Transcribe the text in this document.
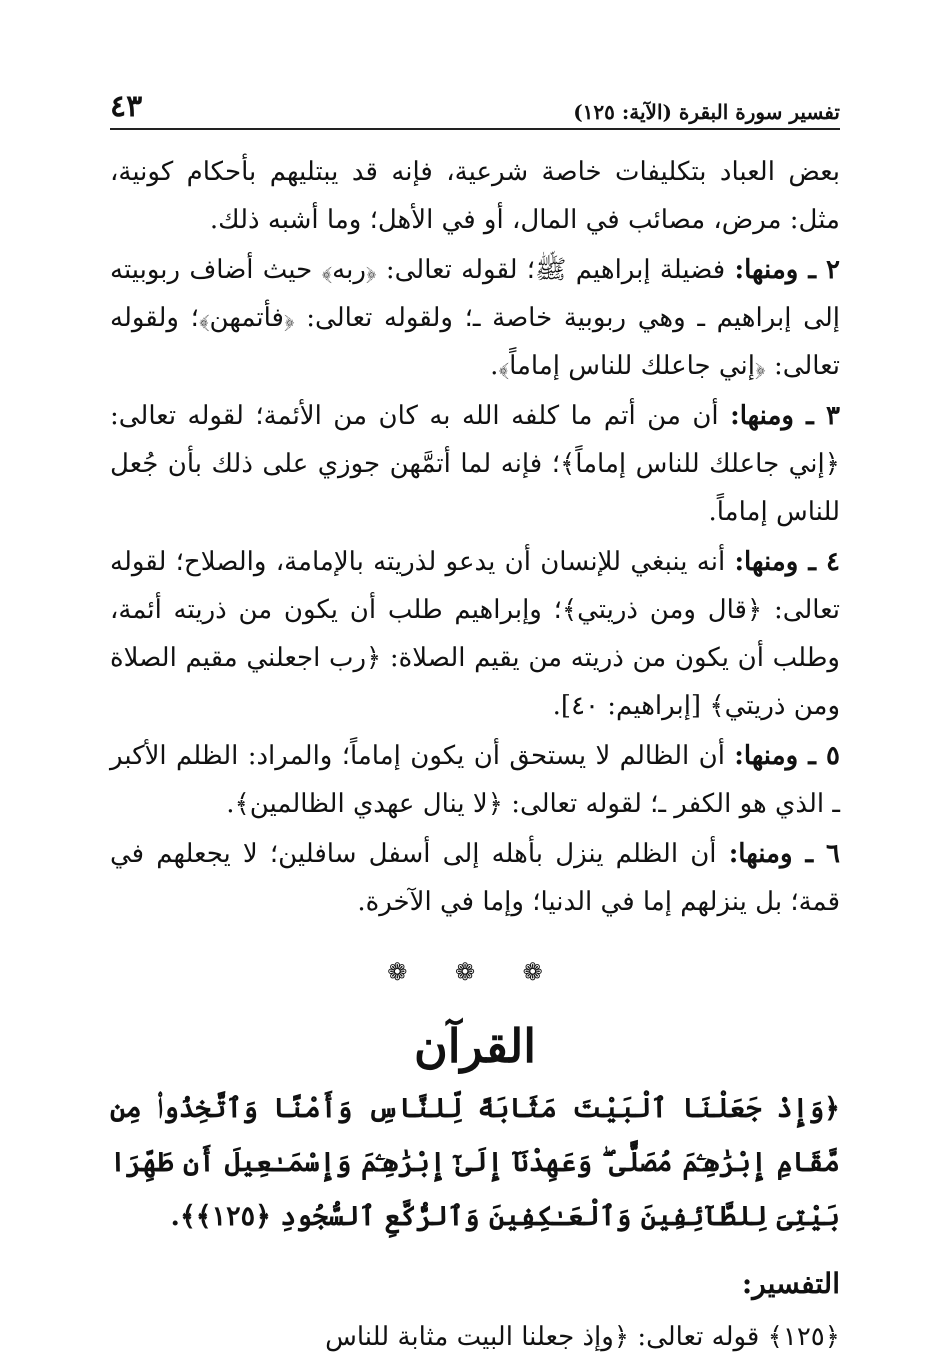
تفسير سورة البقرة (الآية: ١٢٥)
٤٣

بعض العباد بتكليفات خاصة شرعية، فإنه قد يبتليهم بأحكام كونية، مثل: مرض، مصائب في المال، أو في الأهل؛ وما أشبه ذلك.

٢ ـ ومنها: فضيلة إبراهيم ﷺ؛ لقوله تعالى: ﴿ربه﴾ حيث أضاف ربوبيته إلى إبراهيم ـ وهي ربوبية خاصة ـ؛ ولقوله تعالى: ﴿فأتمهن﴾؛ ولقوله تعالى: ﴿إني جاعلك للناس إماماً﴾.

٣ ـ ومنها: أن من أتم ما كلفه الله به كان من الأئمة؛ لقوله تعالى: ﴿إني جاعلك للناس إماماً﴾؛ فإنه لما أتمَّهن جوزي على ذلك بأن جُعل للناس إماماً.

٤ ـ ومنها: أنه ينبغي للإنسان أن يدعو لذريته بالإمامة، والصلاح؛ لقوله تعالى: ﴿قال ومن ذريتي﴾؛ وإبراهيم طلب أن يكون من ذريته أئمة، وطلب أن يكون من ذريته من يقيم الصلاة: ﴿رب اجعلني مقيم الصلاة ومن ذريتي﴾ [إبراهيم: ٤٠].

٥ ـ ومنها: أن الظالم لا يستحق أن يكون إماماً؛ والمراد: الظلم الأكبر ـ الذي هو الكفر ـ؛ لقوله تعالى: ﴿لا ينال عهدي الظالمين﴾.

٦ ـ ومنها: أن الظلم ينزل بأهله إلى أسفل سافلين؛ لا يجعلهم في قمة؛ بل ينزلهم إما في الدنيا؛ وإما في الآخرة.

❁ ❁ ❁
القرآن
﴿وَإِذْ جَعَلْنَا ٱلْبَيْتَ مَثَابَةً لِّلنَّاسِ وَأَمْنًا وَٱتَّخِذُوا۟ مِن مَّقَامِ إِبْرَٰهِـۧمَ مُصَلًّى ۖ وَعَهِدْنَآ إِلَىٰٓ إِبْرَٰهِـۧمَ وَإِسْمَـٰعِيلَ أَن طَهِّرَا بَيْتِىَ لِلطَّآئِفِينَ وَٱلْعَـٰكِفِينَ وَٱلرُّكَّعِ ٱلسُّجُودِ ﴿١٢٥﴾﴾.
التفسير:
﴿١٢٥﴾ قوله تعالى: ﴿وإذ جعلنا البيت مثابة للناس
